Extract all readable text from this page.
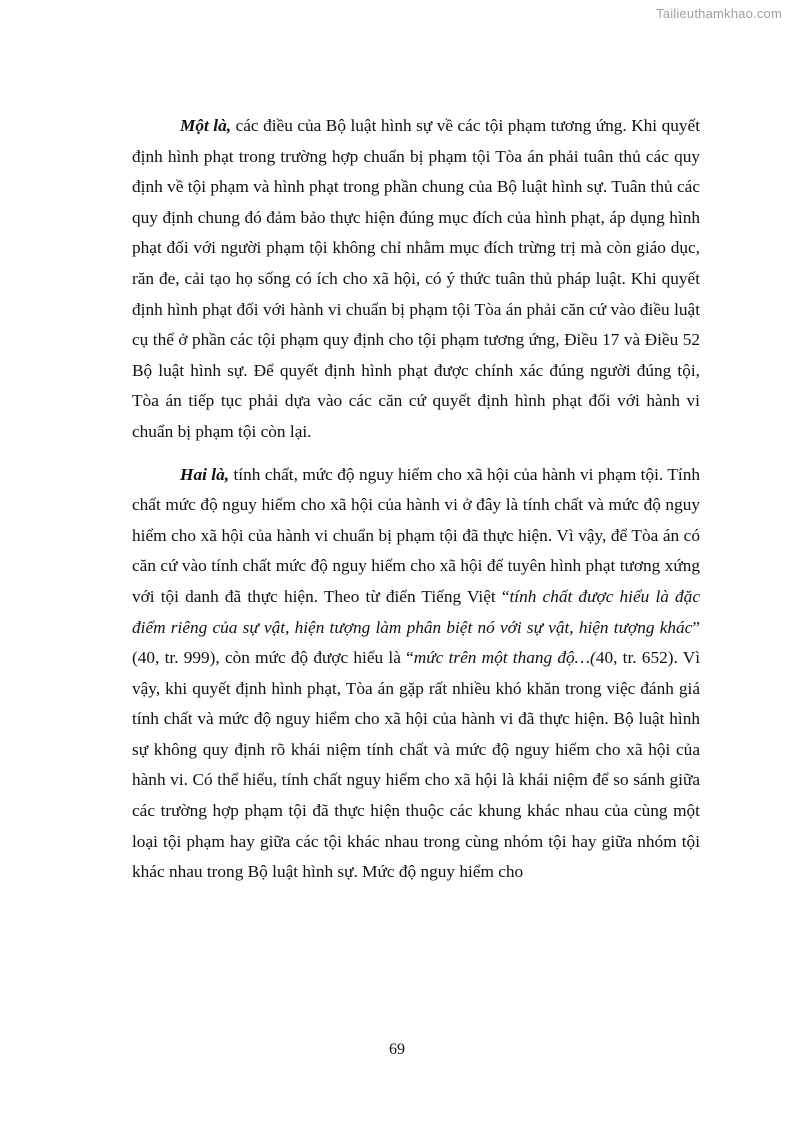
Tailieuthamkhao.com

Một là, các điều của Bộ luật hình sự về các tội phạm tương ứng. Khi quyết định hình phạt trong trường hợp chuẩn bị phạm tội Tòa án phải tuân thủ các quy định về tội phạm và hình phạt trong phần chung của Bộ luật hình sự. Tuân thủ các quy định chung đó đảm bảo thực hiện đúng mục đích của hình phạt, áp dụng hình phạt đối với người phạm tội không chỉ nhằm mục đích trừng trị mà còn giáo dục, răn đe, cải tạo họ sống có ích cho xã hội, có ý thức tuân thủ pháp luật. Khi quyết định hình phạt đối với hành vi chuẩn bị phạm tội Tòa án phải căn cứ vào điều luật cụ thể ở phần các tội phạm quy định cho tội phạm tương ứng, Điều 17 và Điều 52 Bộ luật hình sự. Để quyết định hình phạt được chính xác đúng người đúng tội, Tòa án tiếp tục phải dựa vào các căn cứ quyết định hình phạt đối với hành vi chuẩn bị phạm tội còn lại.

Hai là, tính chất, mức độ nguy hiểm cho xã hội của hành vi phạm tội. Tính chất mức độ nguy hiểm cho xã hội của hành vi ở đây là tính chất và mức độ nguy hiểm cho xã hội của hành vi chuẩn bị phạm tội đã thực hiện. Vì vậy, để Tòa án có căn cứ vào tính chất mức độ nguy hiểm cho xã hội để tuyên hình phạt tương xứng với tội danh đã thực hiện. Theo từ điển Tiếng Việt “tính chất được hiểu là đặc điểm riêng của sự vật, hiện tượng làm phân biệt nó với sự vật, hiện tượng khác” (40, tr. 999), còn mức độ được hiểu là “mức trên một thang độ…(40, tr. 652). Vì vậy, khi quyết định hình phạt, Tòa án gặp rất nhiều khó khăn trong việc đánh giá tính chất và mức độ nguy hiểm cho xã hội của hành vi đã thực hiện. Bộ luật hình sự không quy định rõ khái niệm tính chất và mức độ nguy hiểm cho xã hội của hành vi. Có thể hiểu, tính chất nguy hiểm cho xã hội là khái niệm để so sánh giữa các trường hợp phạm tội đã thực hiện thuộc các khung khác nhau của cùng một loại tội phạm hay giữa các tội khác nhau trong cùng nhóm tội hay giữa nhóm tội khác nhau trong Bộ luật hình sự. Mức độ nguy hiểm cho

69
